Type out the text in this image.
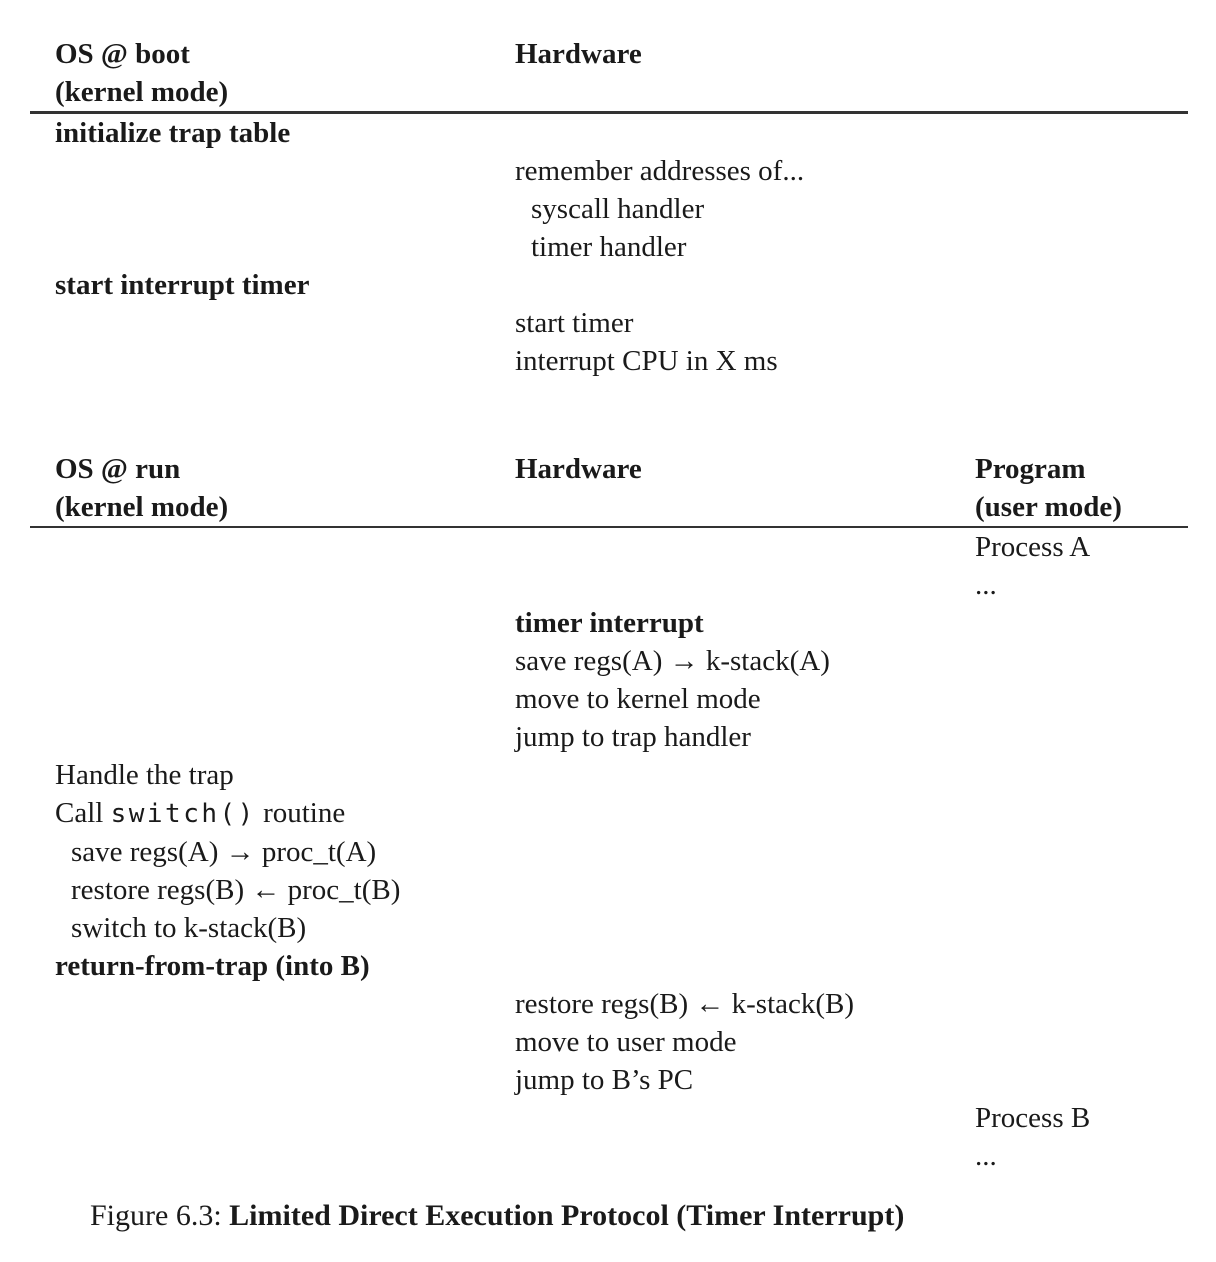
OS @ boot
(kernel mode)
Hardware
initialize trap table
remember addresses of...
syscall handler
timer handler
start interrupt timer
start timer
interrupt CPU in X ms
OS @ run
(kernel mode)
Hardware	Program
(user mode)
Process A
...
timer interrupt
save regs(A) → k-stack(A)
move to kernel mode
jump to trap handler
Handle the trap
Call switch() routine
save regs(A) → proc_t(A)
restore regs(B) ← proc_t(B)
switch to k-stack(B)
return-from-trap (into B)
restore regs(B) ← k-stack(B)
move to user mode
jump to B’s PC
Process B
...
Figure 6.3: Limited Direct Execution Protocol (Timer Interrupt)
